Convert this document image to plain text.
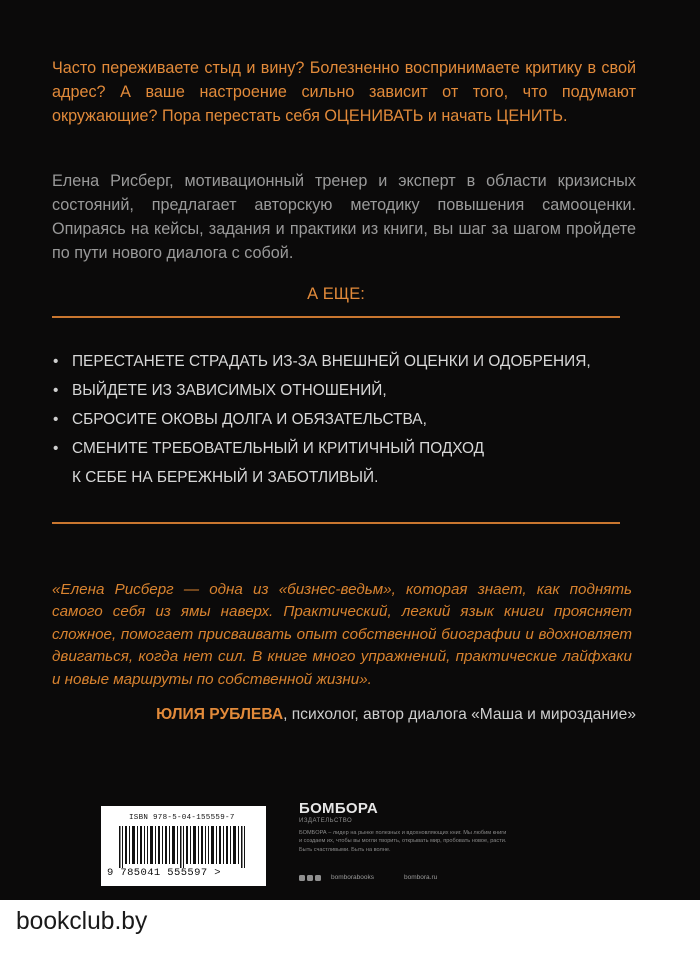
Часто переживаете стыд и вину? Болезненно воспринимаете критику в свой адрес? А ваше настроение сильно зависит от того, что подумают окружающие? Пора перестать себя ОЦЕНИВАТЬ и начать ЦЕНИТЬ.

Елена Рисберг, мотивационный тренер и эксперт в области кризисных состояний, предлагает авторскую методику повышения самооценки. Опираясь на кейсы, задания и практики из книги, вы шаг за шагом пройдете по пути нового диалога с собой.

А ЕЩЕ:

• ПЕРЕСТАНЕТЕ СТРАДАТЬ ИЗ-ЗА ВНЕШНЕЙ ОЦЕНКИ И ОДОБРЕНИЯ,
• ВЫЙДЕТЕ ИЗ ЗАВИСИМЫХ ОТНОШЕНИЙ,
• СБРОСИТЕ ОКОВЫ ДОЛГА И ОБЯЗАТЕЛЬСТВА,
• СМЕНИТЕ ТРЕБОВАТЕЛЬНЫЙ И КРИТИЧНЫЙ ПОДХОД
К СЕБЕ НА БЕРЕЖНЫЙ И ЗАБОТЛИВЫЙ.

«Елена Рисберг — одна из «бизнес-ведьм», которая знает, как поднять самого себя из ямы наверх. Практический, легкий язык книги проясняет сложное, помогает присваивать опыт собственной биографии и вдохновляет двигаться, когда нет сил. В книге много упражнений, практические лайфхаки и новые маршруты по собственной жизни».

ЮЛИЯ РУБЛЕВА, психолог, автор диалога «Маша и мироздание»

ISBN 978-5-04-155559-7
9 785041 555597 >
БОМБОРА
ИЗДАТЕЛЬСТВО

БОМБОРА – лидер на рынке полезных и вдохновляющих книг. Мы любим книги и создаем их, чтобы вы могли творить, открывать мир, пробовать новое, расти. Быть счастливыми. Быть на волне.

bomborabooks	bombora.ru
bookclub.by
